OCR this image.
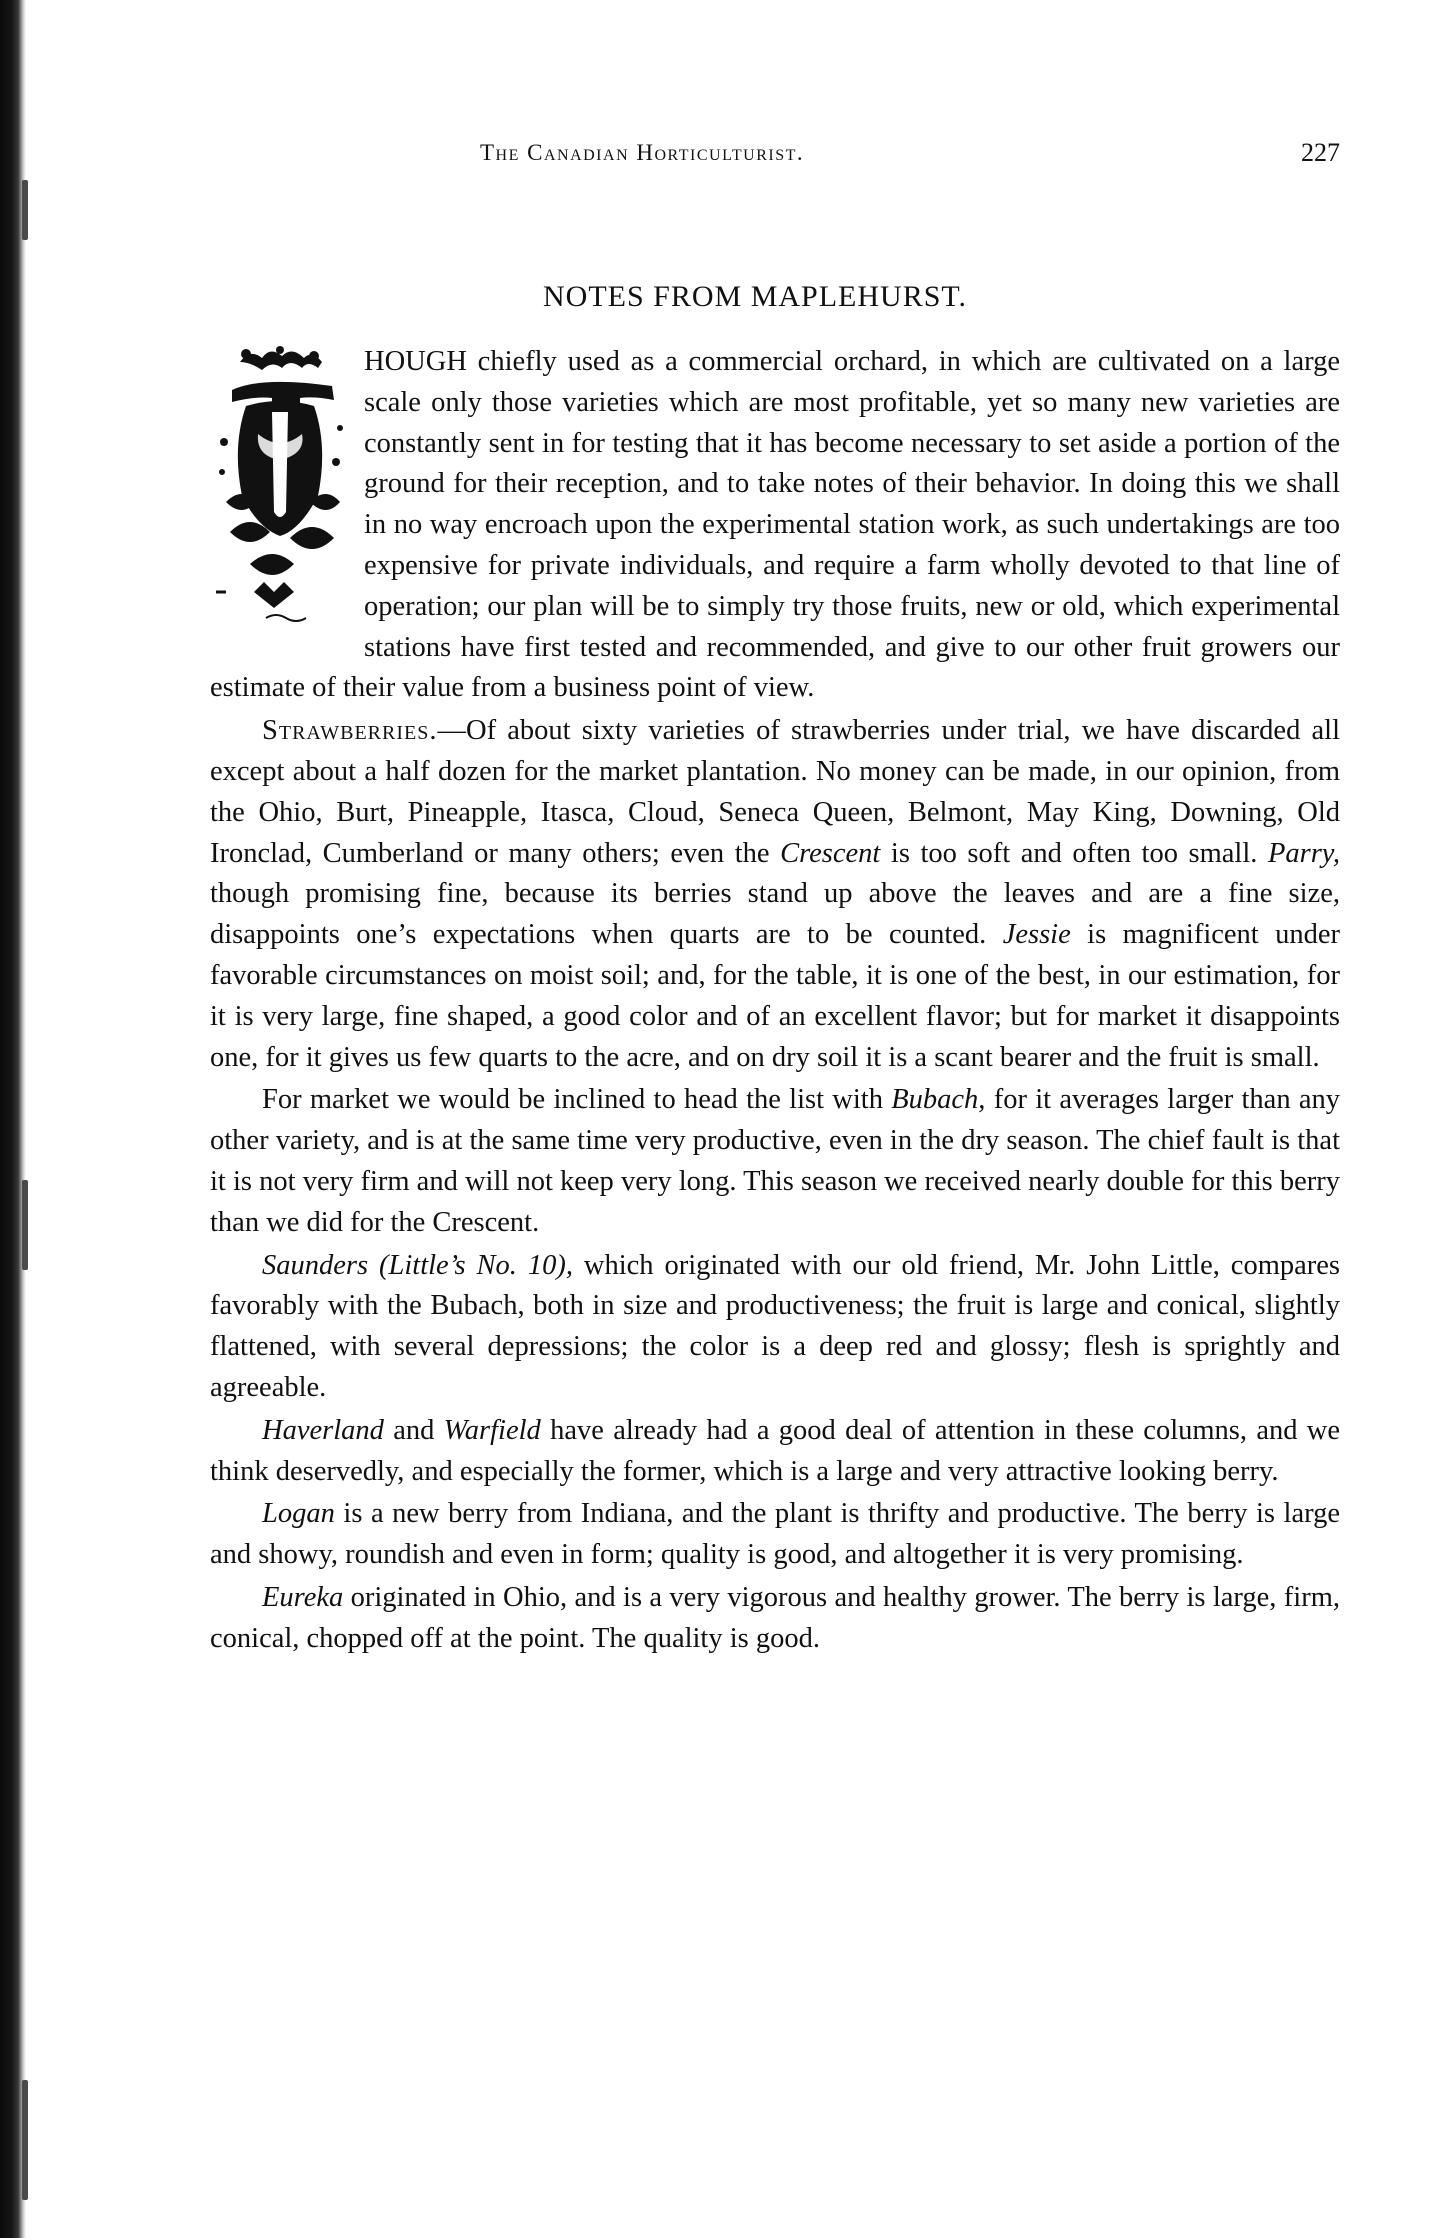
The Canadian Horticulturist.	227
NOTES FROM MAPLEHURST.

HOUGH chiefly used as a commercial orchard, in which are cultivated on a large scale only those varieties which are most profitable, yet so many new varieties are constantly sent in for testing that it has become necessary to set aside a portion of the ground for their reception, and to take notes of their behavior. In doing this we shall in no way encroach upon the experimental station work, as such undertakings are too expensive for private individuals, and require a farm wholly devoted to that line of operation; our plan will be to simply try those fruits, new or old, which experimental stations have first tested and recommended, and give to our other fruit growers our estimate of their value from a business point of view.

Strawberries.—Of about sixty varieties of strawberries under trial, we have discarded all except about a half dozen for the market plantation. No money can be made, in our opinion, from the Ohio, Burt, Pineapple, Itasca, Cloud, Seneca Queen, Belmont, May King, Downing, Old Ironclad, Cumberland or many others; even the Crescent is too soft and often too small. Parry, though promising fine, because its berries stand up above the leaves and are a fine size, disappoints one’s expectations when quarts are to be counted. Jessie is magnificent under favorable circumstances on moist soil; and, for the table, it is one of the best, in our estimation, for it is very large, fine shaped, a good color and of an excellent flavor; but for market it disappoints one, for it gives us few quarts to the acre, and on dry soil it is a scant bearer and the fruit is small.

For market we would be inclined to head the list with Bubach, for it averages larger than any other variety, and is at the same time very productive, even in the dry season. The chief fault is that it is not very firm and will not keep very long. This season we received nearly double for this berry than we did for the Crescent.

Saunders (Little’s No. 10), which originated with our old friend, Mr. John Little, compares favorably with the Bubach, both in size and productiveness; the fruit is large and conical, slightly flattened, with several depressions; the color is a deep red and glossy; flesh is sprightly and agreeable.

Haverland and Warfield have already had a good deal of attention in these columns, and we think deservedly, and especially the former, which is a large and very attractive looking berry.

Logan is a new berry from Indiana, and the plant is thrifty and productive. The berry is large and showy, roundish and even in form; quality is good, and altogether it is very promising.

Eureka originated in Ohio, and is a very vigorous and healthy grower. The berry is large, firm, conical, chopped off at the point. The quality is good.
